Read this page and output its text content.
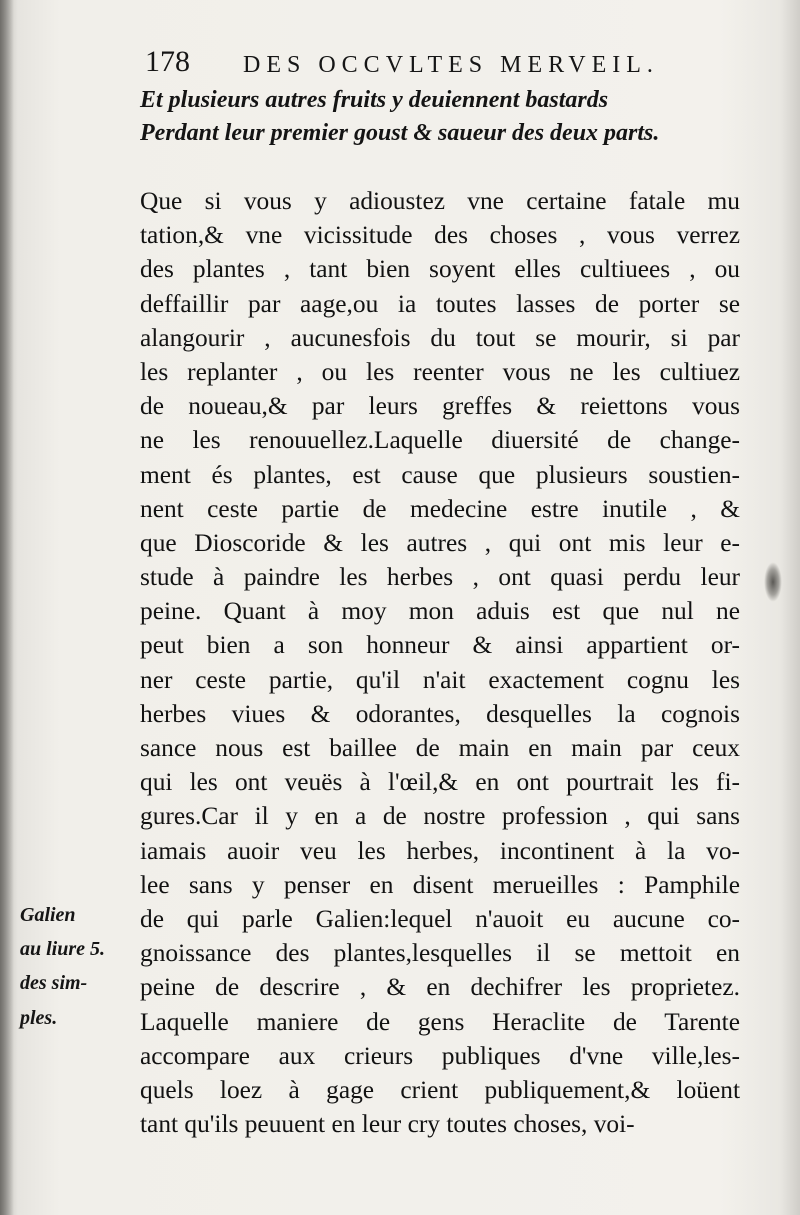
178 DES OCCVLTES MERVEIL.
Et plusieurs autres fruits y deuiennent bastards
Perdant leur premier goust & saueur des deux parts.
Que si vous y adioustez vne certaine fatale mu
tation,& vne vicissitude des choses , vous verrez
des plantes , tant bien soyent elles cultiuees , ou
deffaillir par aage,ou ia toutes lasses de porter se
alangourir , aucunesfois du tout se mourir, si par
les replanter , ou les reenter vous ne les cultiuez
de noueau,& par leurs greffes & reiettons vous
ne les renouuellez.Laquelle diuersité de change-
ment és plantes, est cause que plusieurs soustien-
nent ceste partie de medecine estre inutile , &
que Dioscoride & les autres , qui ont mis leur e-
stude à paindre les herbes , ont quasi perdu leur
peine. Quant à moy mon aduis est que nul ne
peut bien a son honneur & ainsi appartient or-
ner ceste partie, qu'il n'ait exactement cognu les
herbes viues & odorantes, desquelles la cognois
sance nous est baillee de main en main par ceux
qui les ont veuës à l'œil,& en ont pourtrait les fi-
gures.Car il y en a de nostre profession , qui sans
iamais auoir veu les herbes, incontinent à la vo-
lee sans y penser en disent merueilles : Pamphile
de qui parle Galien:lequel n'auoit eu aucune co-
gnoissance des plantes,lesquelles il se mettoit en
peine de descrire , & en dechifrer les proprietez.
Laquelle maniere de gens Heraclite de Tarente
accompare aux crieurs publiques d'vne ville,les-
quels loez à gage crient publiquement,& loüent
tant qu'ils peuuent en leur cry toutes choses, voi-
Galien
au liure 5.
des sim-
ples.
